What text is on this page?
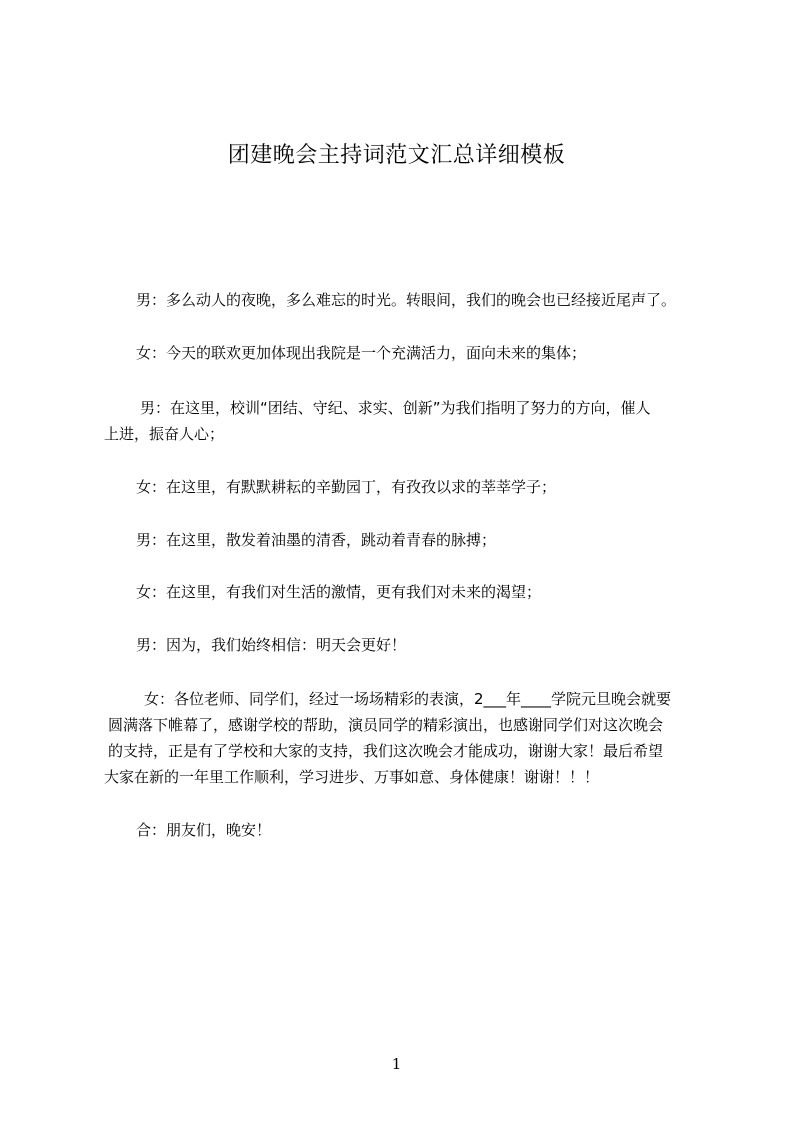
团建晚会主持词范文汇总详细模板

男：多么动人的夜晚，多么难忘的时光。转眼间，我们的晚会也已经接近尾声了。

女：今天的联欢更加体现出我院是一个充满活力，面向未来的集体；

男：在这里，校训“团结、守纪、求实、创新”为我们指明了努力的方向，催人
上进，振奋人心；

女：在这里，有默默耕耘的辛勤园丁，有孜孜以求的莘莘学子；

男：在这里，散发着油墨的清香，跳动着青春的脉搏；

女：在这里，有我们对生活的激情，更有我们对未来的渴望；

男：因为，我们始终相信：明天会更好！

女：各位老师、同学们，经过一场场精彩的表演，2___年____学院元旦晚会就要
圆满落下帷幕了，感谢学校的帮助，演员同学的精彩演出，也感谢同学们对这次晚会
的支持，正是有了学校和大家的支持，我们这次晚会才能成功，谢谢大家！最后希望
大家在新的一年里工作顺利，学习进步、万事如意、身体健康！谢谢！！！

合：朋友们，晚安！

1
